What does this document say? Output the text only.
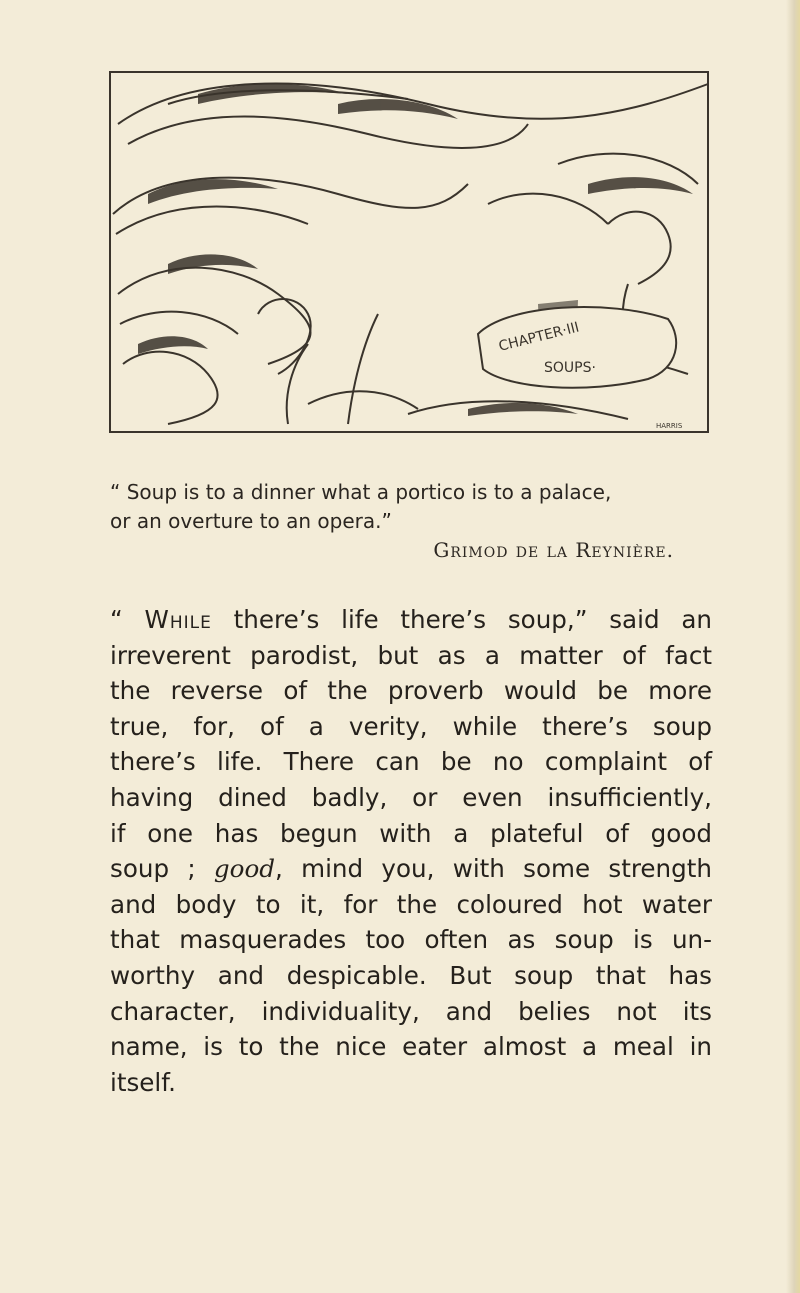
CHAPTER·III
SOUPS·
HARRIS
“ Soup is to a dinner what a portico is to a palace,
or an overture to an opera.”
Grimod de la Reynière.
“ While there’s life there’s soup,” said an
irreverent parodist, but as a matter of fact
the reverse of the proverb would be more
true, for, of a verity, while there’s soup
there’s life. There can be no complaint of
having dined badly, or even insufficiently,
if one has begun with a plateful of good
soup ; good, mind you, with some strength
and body to it, for the coloured hot water
that masquerades too often as soup is un-
worthy and despicable. But soup that has
character, individuality, and belies not its
name, is to the nice eater almost a meal in
itself.
